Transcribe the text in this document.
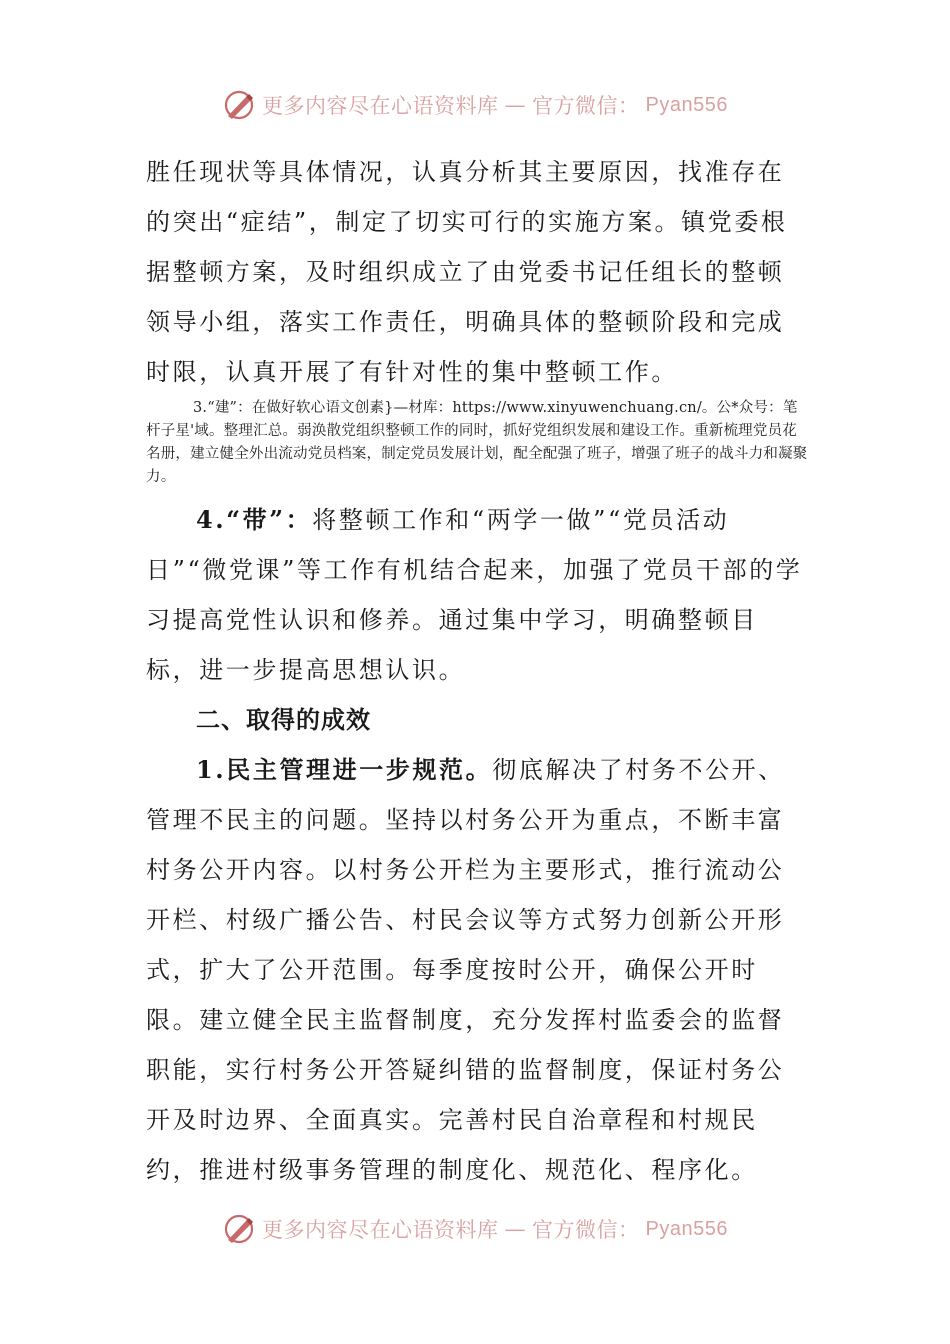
更多内容尽在心语资料库 — 官方微信： Pyan556

胜任现状等具体情况，认真分析其主要原因，找准存在的突出“症结”，制定了切实可行的实施方案。镇党委根据整顿方案，及时组织成立了由党委书记任组长的整顿领导小组，落实工作责任，明确具体的整顿阶段和完成时限，认真开展了有针对性的集中整顿工作。

3.“建”：在做好软心语文创素}—材库：https://www.xinyuwenchuang.cn/。公*众号：笔杆子星'域。整理汇总。弱涣散党组织整顿工作的同时，抓好党组织发展和建设工作。重新梳理党员花名册，建立健全外出流动党员档案，制定党员发展计划，配全配强了班子，增强了班子的战斗力和凝聚力。

4.“带”：将整顿工作和“两学一做”“党员活动日”“微党课”等工作有机结合起来，加强了党员干部的学习提高党性认识和修养。通过集中学习，明确整顿目标，进一步提高思想认识。

二、取得的成效

1.民主管理进一步规范。彻底解决了村务不公开、管理不民主的问题。坚持以村务公开为重点，不断丰富村务公开内容。以村务公开栏为主要形式，推行流动公开栏、村级广播公告、村民会议等方式努力创新公开形式，扩大了公开范围。每季度按时公开，确保公开时限。建立健全民主监督制度，充分发挥村监委会的监督职能，实行村务公开答疑纠错的监督制度，保证村务公开及时边界、全面真实。完善村民自治章程和村规民约，推进村级事务管理的制度化、规范化、程序化。

更多内容尽在心语资料库 — 官方微信： Pyan556
